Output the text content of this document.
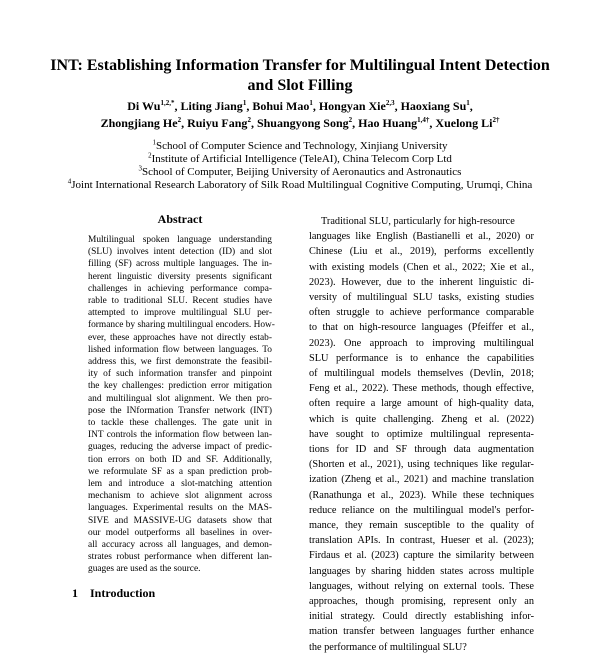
INT: Establishing Information Transfer for Multilingual Intent Detection
and Slot Filling
Di $Wu^{1,2,*}$, Liting Jiang$^1$, Bohui Mao$^1$, Hongyan Xie$^{2,3}$, Haoxiang Su$^1$,
Zhongjiang He$^2$, Ruiyu Fang$^2$, Shuangyong Song$^2$, Hao Huang$^{1,4\dagger}$, Xuelong $Li^{2\dagger}$
$^1$School of Computer Science and Technology, Xinjiang University
$^2$Institute of Artificial Intelligence (TeleAI), China Telecom Corp Ltd
$^3$School of Computer, Beijing University of Aeronautics and Astronautics
$^4$Joint International Research Laboratory of Silk Road Multilingual Cognitive Computing, Urumqi, China
Abstract
Multilingual spoken language understanding
(SLU) involves intent detection (ID) and slot
filling (SF) across multiple languages. The in-
herent linguistic diversity presents significant
challenges in achieving performance compa-
rable to traditional SLU. Recent studies have
attempted to improve multilingual SLU per-
formance by sharing multilingual encoders. How-
ever, these approaches have not directly estab-
lished information flow between languages. To
address this, we first demonstrate the feasibil-
ity of such information transfer and pinpoint
the key challenges: prediction error mitigation
and multilingual slot alignment. We then pro-
pose the INformation Transfer network (INT)
to tackle these challenges. The gate unit in
INT controls the information flow between lan-
guages, reducing the adverse impact of predic-
tion errors on both ID and SF. Additionally,
we reformulate SF as a span prediction prob-
lem and introduce a slot-matching attention
mechanism to achieve slot alignment across
languages. Experimental results on the MAS-
SIVE and MASSIVE-UG datasets show that
our model outperforms all baselines in over-
all accuracy across all languages, and demon-
strates robust performance when different lan-
guages are used as the source.
1 Introduction
Traditional SLU, particularly for high-resource
languages like English (Bastianelli et al., 2020) or
Chinese (Liu et al., 2019), performs excellently
with existing models (Chen et al., 2022; Xie et al.,
2023). However, due to the inherent linguistic di-
versity of multilingual SLU tasks, existing studies
often struggle to achieve performance comparable
to that on high-resource languages (Pfeiffer et al.,
2023). One approach to improving multilingual
SLU performance is to enhance the capabilities
of multilingual models themselves (Devlin, 2018;
Feng et al., 2022). These methods, though effective,
often require a large amount of high-quality data,
which is quite challenging. Zheng et al. (2022)
have sought to optimize multilingual representa-
tions for ID and SF through data augmentation
(Shorten et al., 2021), using techniques like regular-
ization (Zheng et al., 2021) and machine translation
(Ranathunga et al., 2023). While these techniques
reduce reliance on the multilingual model's perfor-
mance, they remain susceptible to the quality of
translation APIs. In contrast, Hueser et al. (2023);
Firdaus et al. (2023) capture the similarity between
languages by sharing hidden states across multiple
languages, without relying on external tools. These
approaches, though promising, represent only an
initial strategy. Could directly establishing infor-
mation transfer between languages further enhance
the performance of multilingual SLU?
